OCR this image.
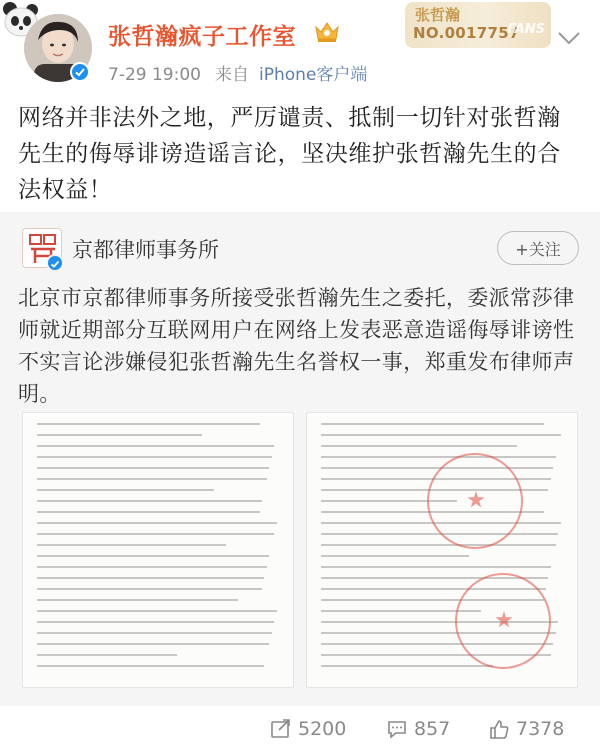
张哲瀚疯子工作室
7-29 19:00 来自 iPhone客户端
张哲瀚
NO.0017757
FANS
网络并非法外之地，严厉谴责、抵制一切针对张哲瀚先生的侮辱诽谤造谣言论，坚决维护张哲瀚先生的合法权益！
京都律师事务所	+关注
北京市京都律师事务所接受张哲瀚先生之委托，委派常莎律师就近期部分互联网用户在网络上发表恶意造谣侮辱诽谤性不实言论涉嫌侵犯张哲瀚先生名誉权一事，郑重发布律师声明。
5200	857	7378
